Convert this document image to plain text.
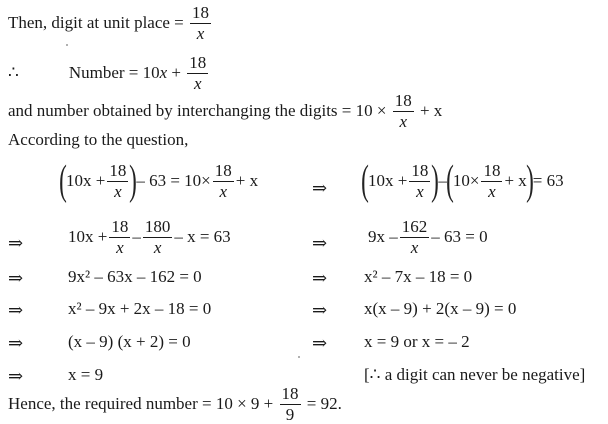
Then, digit at unit place =
$\frac{18}{x}$
∴	Number = 10 x
+
$\frac{18}{x}$
and number obtained by interchanging the digits = 10 ×
$\frac{18}{x}$
+ x
According to the question,
( $10x + \frac{18}{x}$ ) – $63 = 10\times \frac{18}{x} + x$	⇒ ( $10x + \frac{18}{x}$ ) – ( $10\times \frac{18}{x} + x$ ) = 63
⇒	$10x + \frac{18}{x} - \frac{180}{x} - x = 63$	⇒ $9x - \frac{162}{x} - 63 = 0$
⇒	9x² – 63x – 162 = 0	⇒ x² – 7x – 18 = 0
⇒	x² – 9x + 2x – 18 = 0	⇒ x(x – 9) + 2(x – 9) = 0
⇒	(x – 9) (x + 2) = 0	⇒ x = 9 or x = – 2
⇒	x = 9	[∴ a digit can never be negative]
Hence, the required number = 10 × 9 +
$\frac{18}{9}$
= 92.
